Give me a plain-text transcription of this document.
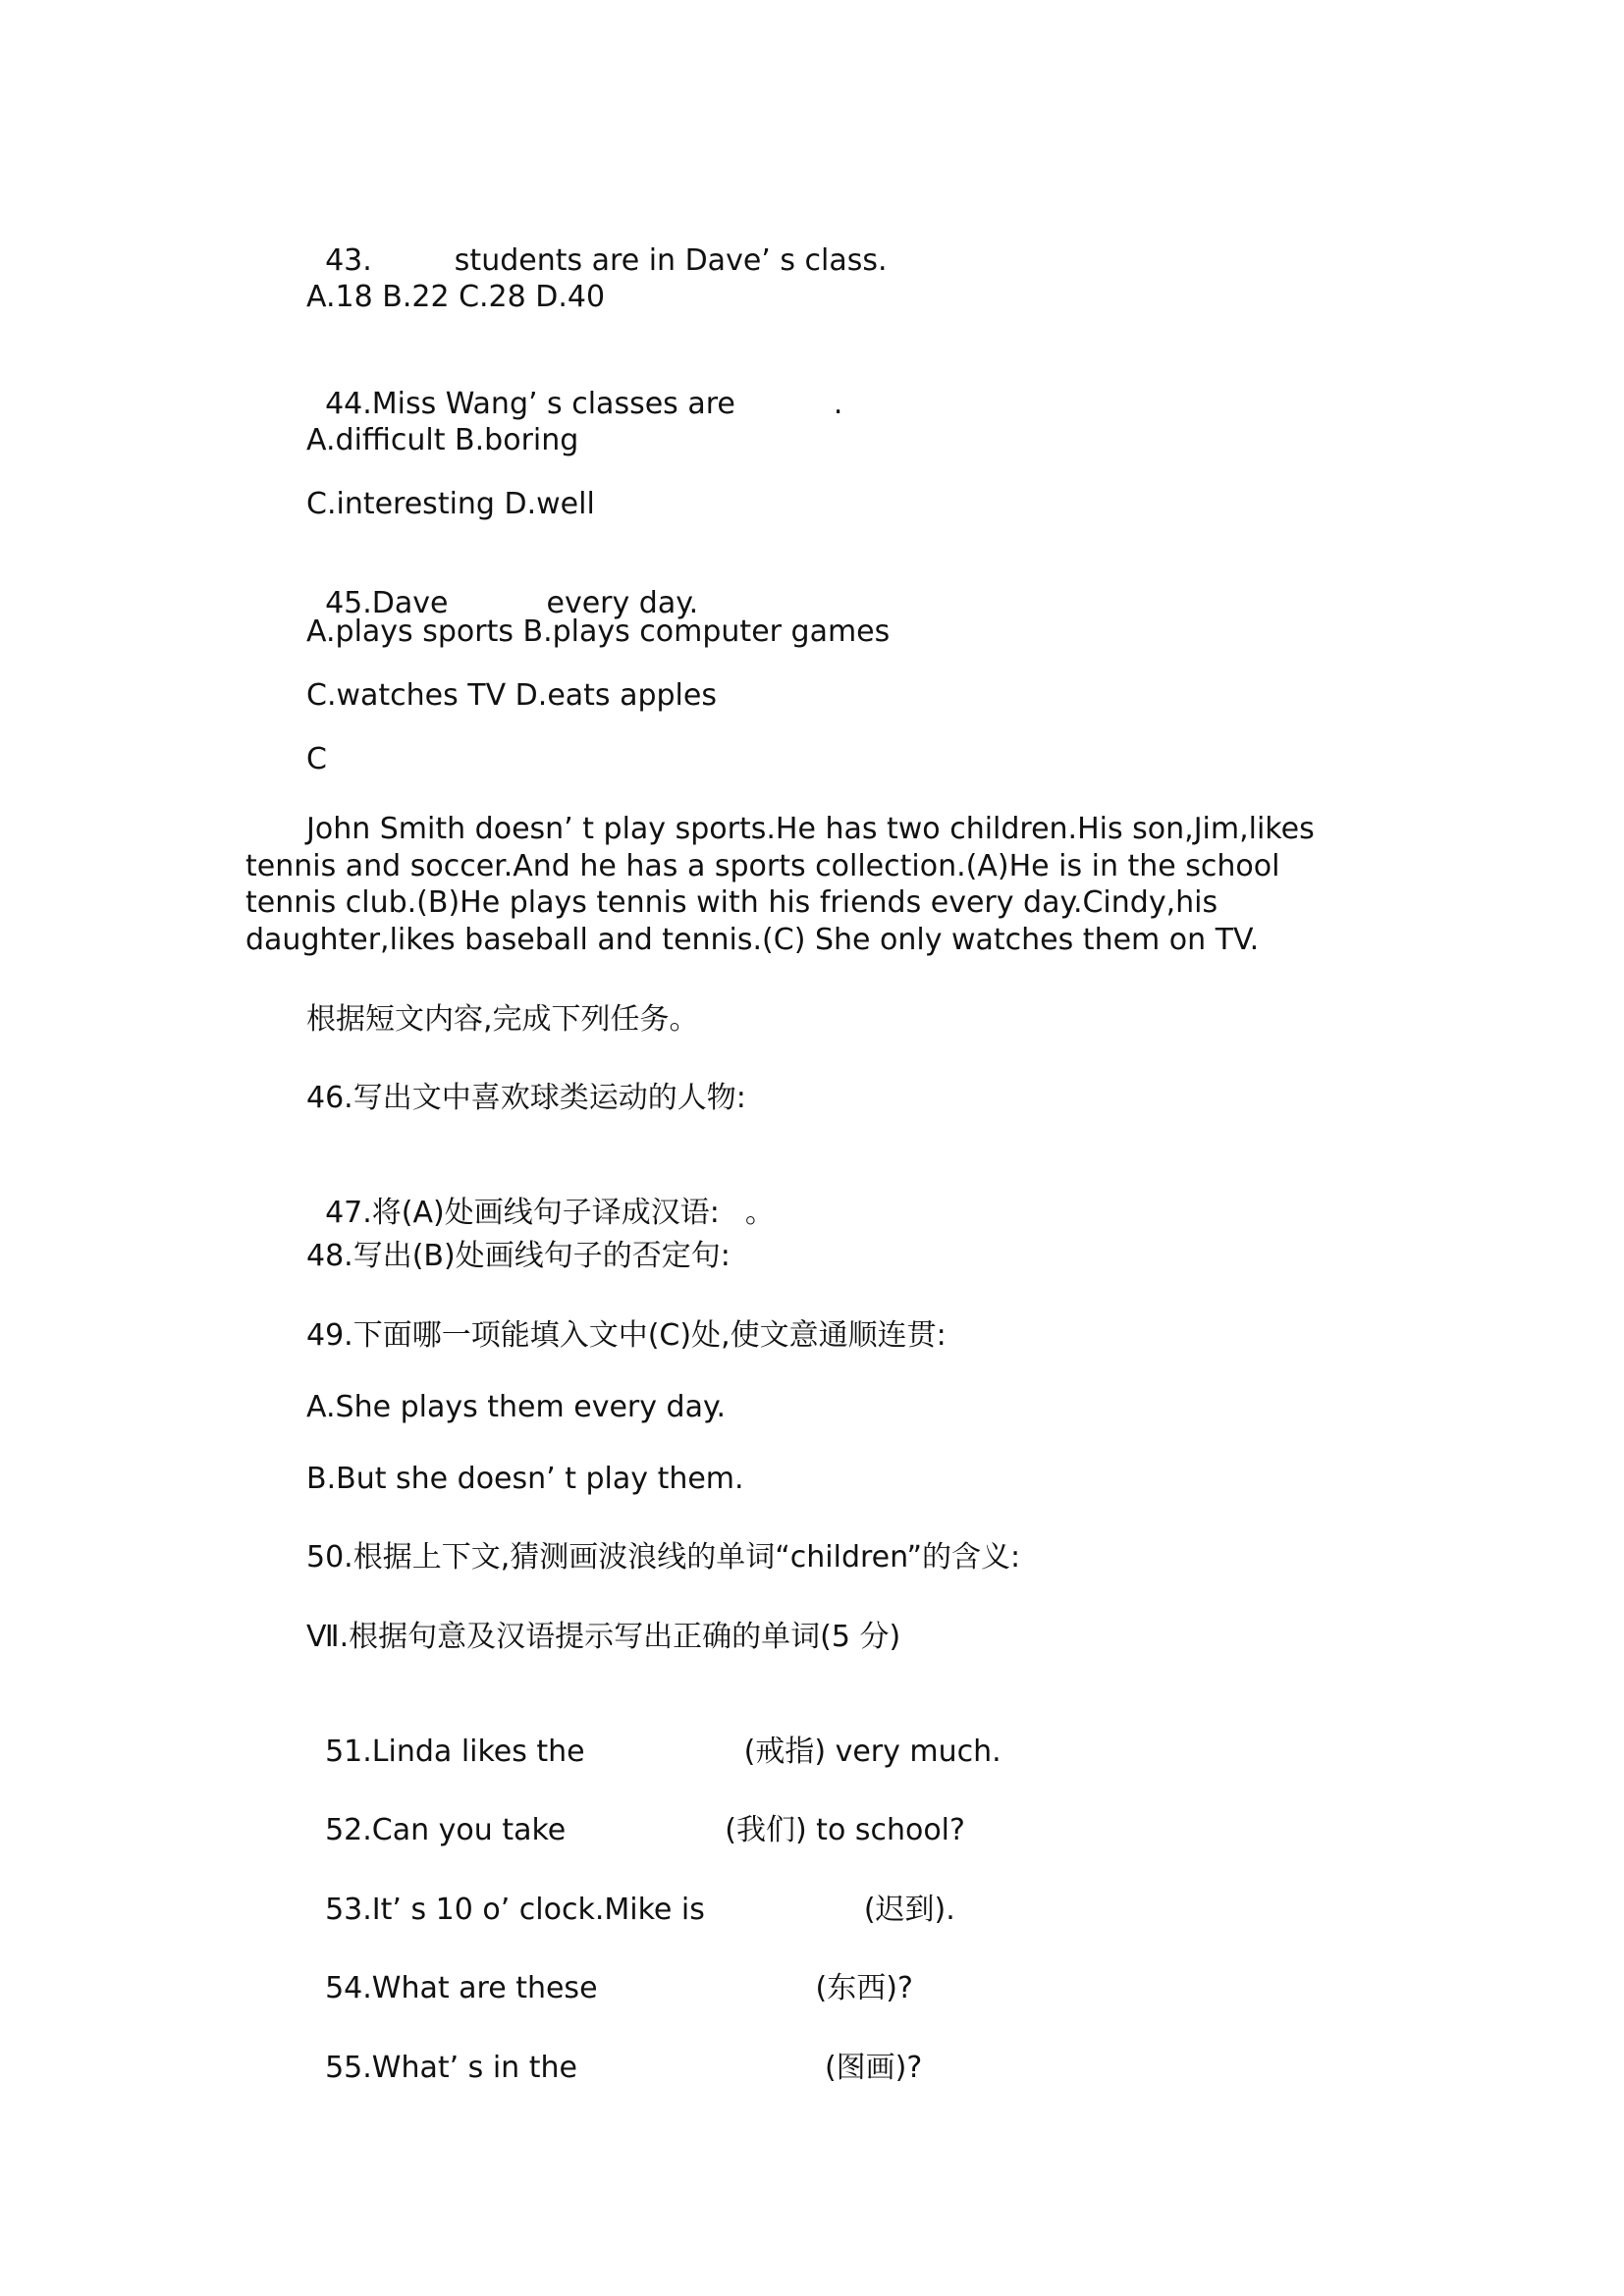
43.	students are in Dave’ s class.

A.18 B.22 C.28 D.40

44.Miss Wang’ s classes are	.

A.difficult B.boring
C.interesting D.well

45.Dave	every day.

A.plays sports B.plays computer games
C.watches TV D.eats apples
C
John Smith doesn’ t play sports.He has two children.His son,Jim,likes tennis and soccer.And he has a sports collection.(A)He is in the school tennis club.(B)He plays tennis with his friends every day.Cindy,his daughter,likes baseball and tennis.(C) She only watches them on TV.
根据短文内容,完成下列任务。
46.写出文中喜欢球类运动的人物:

47.将(A)处画线句子译成汉语: 。

48.写出(B)处画线句子的否定句:
49.下面哪一项能填入文中(C)处,使文意通顺连贯:
A.She plays them every day.
B.But she doesn’ t play them.
50.根据上下文,猜测画波浪线的单词“children”的含义:
Ⅶ.根据句意及汉语提示写出正确的单词(5 分)

51.Linda likes the	(戒指) very much.

52.Can you take	(我们) to school?

53.It’ s 10 o’ clock.Mike is	(迟到).

54.What are these	(东西)?

55.What’ s in the	(图画)?
